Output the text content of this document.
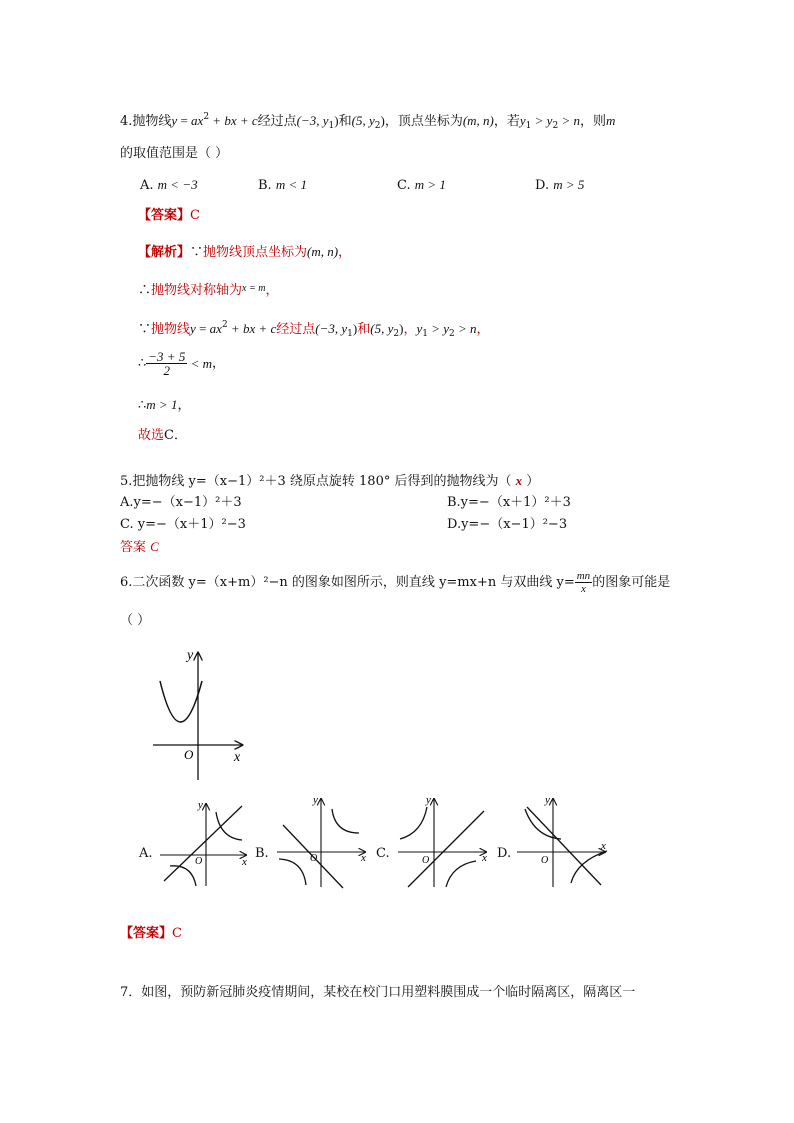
4.抛物线$y = ax^2$ + bx + c经过点(−3, $y_1$)和(5, $y_2$)，顶点坐标为(m, n)，若$y_1 > y_2 > n$，则m
的取值范围是（ ）
A. m < −3	B. m < 1	C. m > 1	D. m > 5
【答案】C
【解析】∵抛物线顶点坐标为(m, n)，
∴抛物线对称轴为$^{x = m}$，
∵抛物线$y = ax^2$ + bx + c经过点(−3, $y_1$)和(5, $y_2$)，$y_1 > y_2 > n$，
∴ $\frac{-3 + 5}{2} < m$，
∴m > 1，
故选C．
5.把抛物线 y=（x−1）²＋3 绕原点旋转 180° 后得到的抛物线为（ x ）
A.y=−（x−1）²＋3	B.y=−（x＋1）²＋3
C. y=−（x＋1）²−3	D.y=−（x−1）²−3
答案 C
6.二次函数 y=（x+m）²−n 的图象如图所示，则直线 y=mx+n 与双曲线 $y= \frac{mn}{x}$ 的图象可能是
（ ）
y
x
O
A.
y
x
O
B.
y
x
O	C.
y
x
O	D.
y
x
O
【答案】C
7．如图，预防新冠肺炎疫情期间，某校在校门口用塑料膜围成一个临时隔离区，隔离区一
